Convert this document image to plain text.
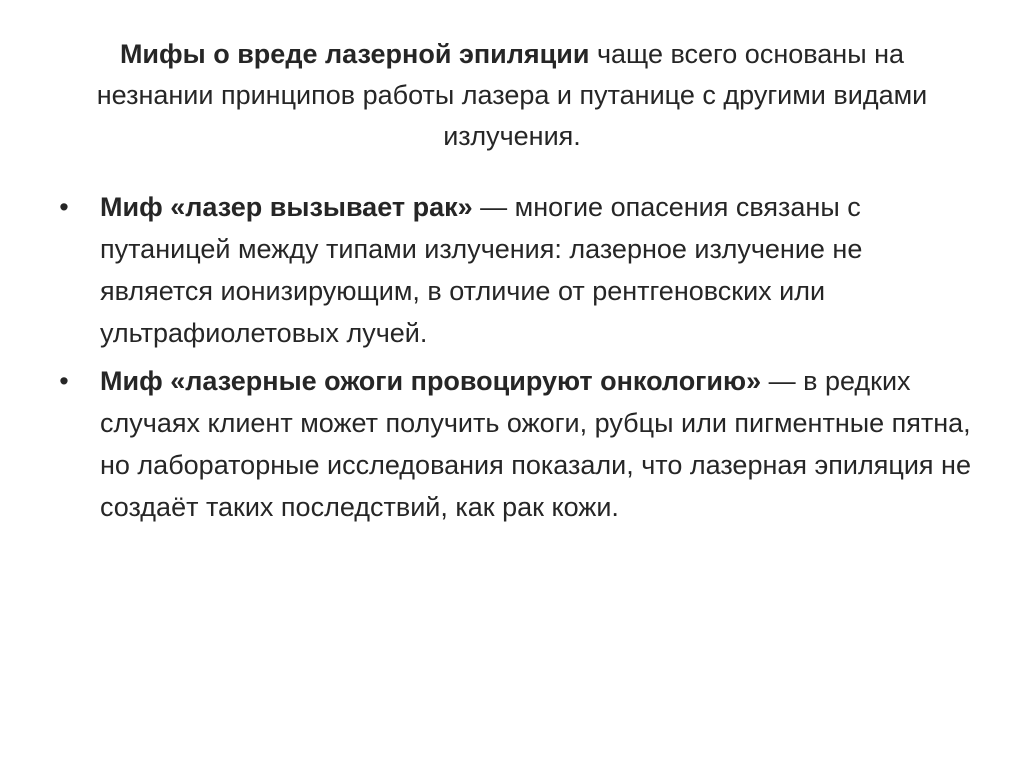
Мифы о вреде лазерной эпиляции чаще всего основаны на незнании принципов работы лазера и путанице с другими видами излучения.

• Миф «лазер вызывает рак» — многие опасения связаны с путаницей между типами излучения: лазерное излучение не является ионизирующим, в отличие от рентгеновских или ультрафиолетовых лучей.
• Миф «лазерные ожоги провоцируют онкологию» — в редких случаях клиент может получить ожоги, рубцы или пигментные пятна, но лабораторные исследования показали, что лазерная эпиляция не создаёт таких последствий, как рак кожи.
